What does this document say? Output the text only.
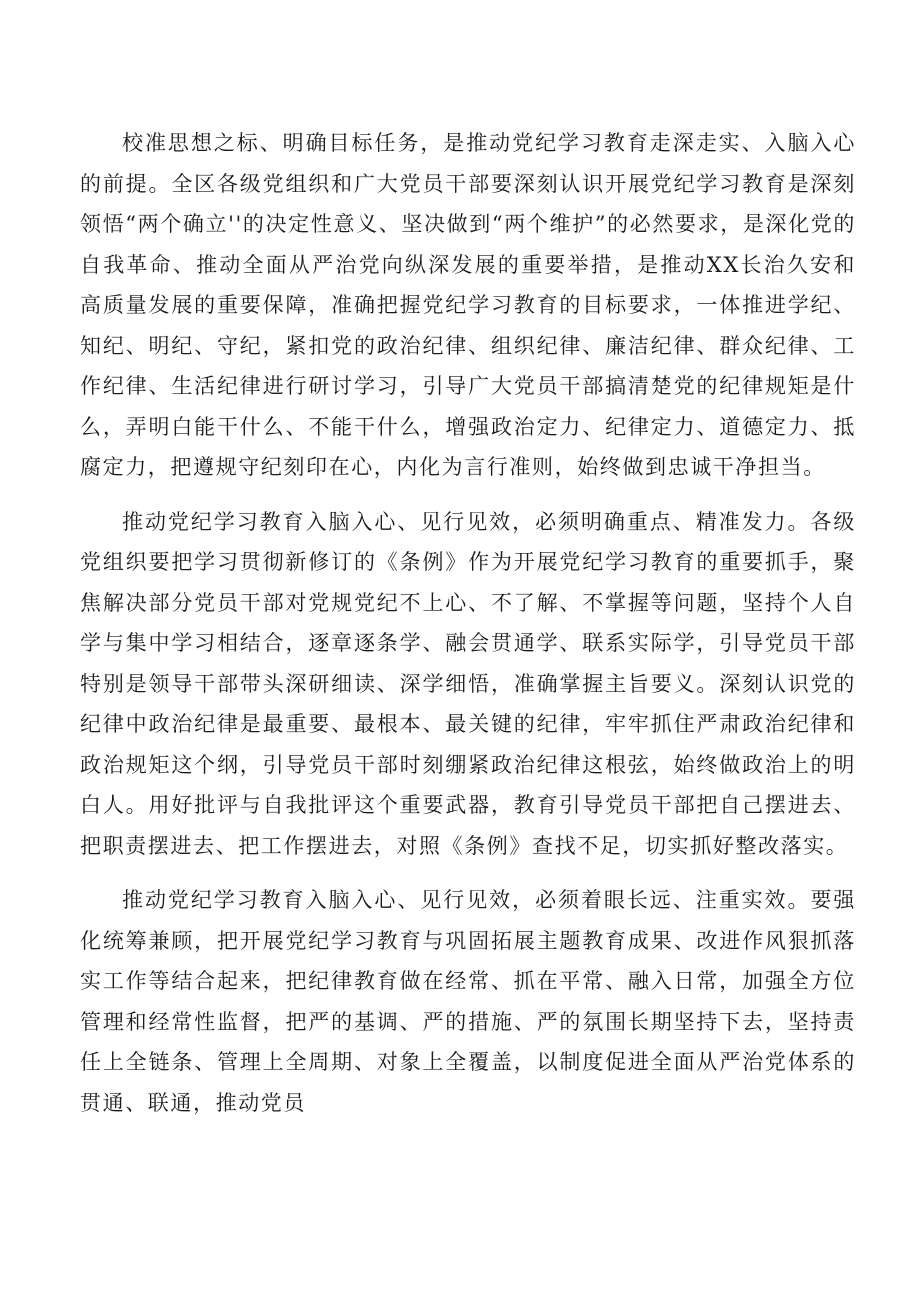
校准思想之标、明确目标任务，是推动党纪学习教育走深走实、入脑入心的前提。全区各级党组织和广大党员干部要深刻认识开展党纪学习教育是深刻领悟“两个确立''的决定性意义、坚决做到“两个维护”的必然要求，是深化党的自我革命、推动全面从严治党向纵深发展的重要举措，是推动XX长治久安和高质量发展的重要保障，准确把握党纪学习教育的目标要求，一体推进学纪、知纪、明纪、守纪，紧扣党的政治纪律、组织纪律、廉洁纪律、群众纪律、工作纪律、生活纪律进行研讨学习，引导广大党员干部搞清楚党的纪律规矩是什么，弄明白能干什么、不能干什么，增强政治定力、纪律定力、道德定力、抵腐定力，把遵规守纪刻印在心，内化为言行准则，始终做到忠诚干净担当。

推动党纪学习教育入脑入心、见行见效，必须明确重点、精准发力。各级党组织要把学习贯彻新修订的《条例》作为开展党纪学习教育的重要抓手，聚焦解决部分党员干部对党规党纪不上心、不了解、不掌握等问题，坚持个人自学与集中学习相结合，逐章逐条学、融会贯通学、联系实际学，引导党员干部特别是领导干部带头深研细读、深学细悟，准确掌握主旨要义。深刻认识党的纪律中政治纪律是最重要、最根本、最关键的纪律，牢牢抓住严肃政治纪律和政治规矩这个纲，引导党员干部时刻绷紧政治纪律这根弦，始终做政治上的明白人。用好批评与自我批评这个重要武器，教育引导党员干部把自己摆进去、把职责摆进去、把工作摆进去，对照《条例》查找不足，切实抓好整改落实。

推动党纪学习教育入脑入心、见行见效，必须着眼长远、注重实效。要强化统筹兼顾，把开展党纪学习教育与巩固拓展主题教育成果、改进作风狠抓落实工作等结合起来，把纪律教育做在经常、抓在平常、融入日常，加强全方位管理和经常性监督，把严的基调、严的措施、严的氛围长期坚持下去，坚持责任上全链条、管理上全周期、对象上全覆盖，以制度促进全面从严治党体系的贯通、联通，推动党员
